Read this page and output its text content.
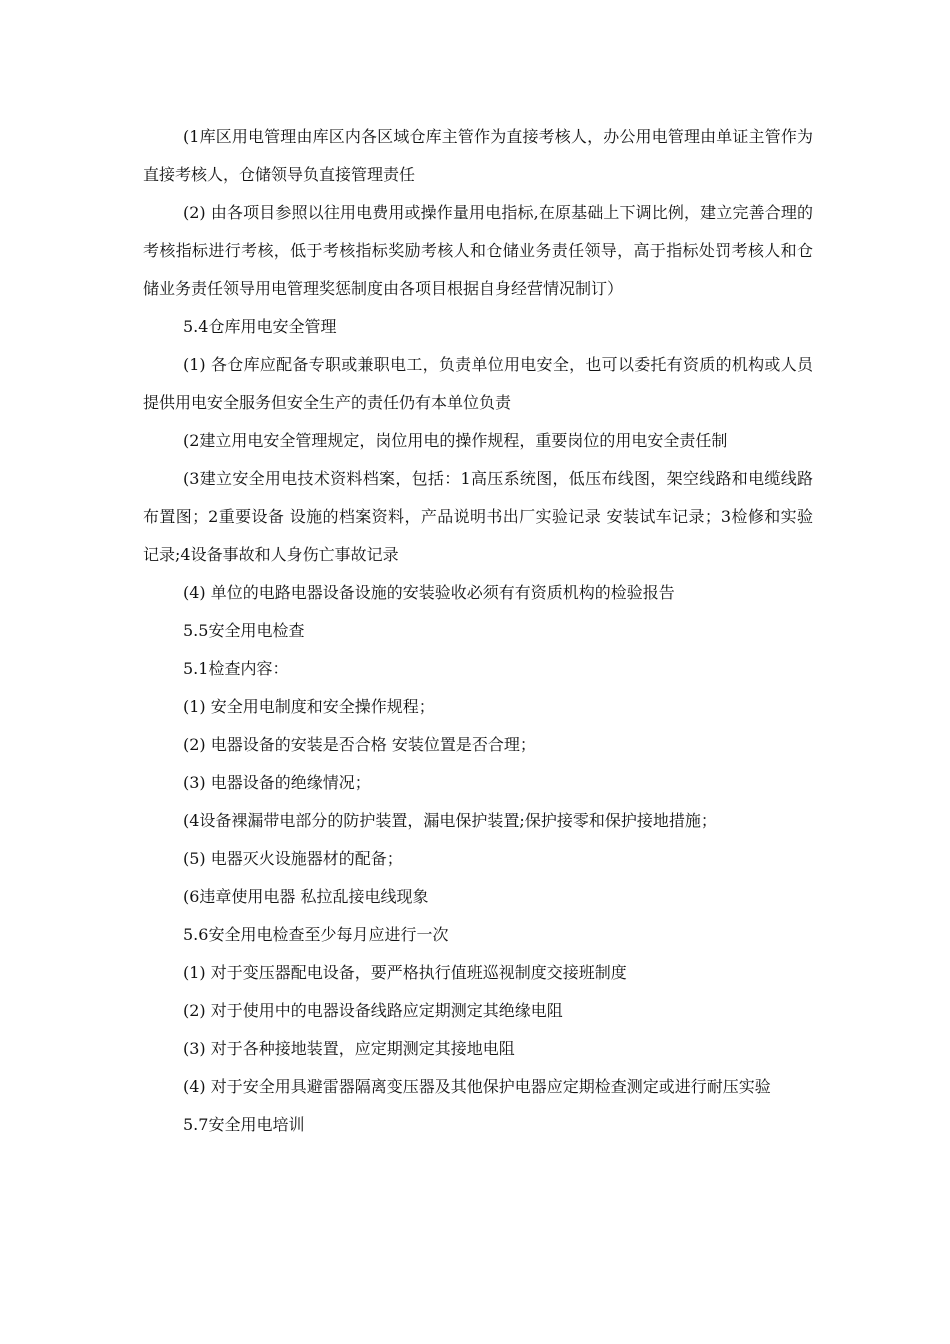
(1库区用电管理由库区内各区域仓库主管作为直接考核人，办公用电管理由单证主管作为直接考核人，仓储领导负直接管理责任

(2) 由各项目参照以往用电费用或操作量用电指标,在原基础上下调比例，建立完善合理的考核指标进行考核，低于考核指标奖励考核人和仓储业务责任领导，高于指标处罚考核人和仓储业务责任领导用电管理奖惩制度由各项目根据自身经营情况制订）

5.4仓库用电安全管理

(1) 各仓库应配备专职或兼职电工，负责单位用电安全，也可以委托有资质的机构或人员提供用电安全服务但安全生产的责任仍有本单位负责

(2建立用电安全管理规定，岗位用电的操作规程，重要岗位的用电安全责任制

(3建立安全用电技术资料档案，包括：1高压系统图，低压布线图，架空线路和电缆线路布置图；2重要设备 设施的档案资料，产品说明书出厂实验记录 安装试车记录；3检修和实验记录;4设备事故和人身伤亡事故记录

(4) 单位的电路电器设备设施的安装验收必须有有资质机构的检验报告

5.5安全用电检查

5.1检查内容：

(1) 安全用电制度和安全操作规程；

(2) 电器设备的安装是否合格 安装位置是否合理；

(3) 电器设备的绝缘情况；

(4设备裸漏带电部分的防护装置，漏电保护装置;保护接零和保护接地措施；

(5) 电器灭火设施器材的配备；

(6违章使用电器 私拉乱接电线现象

5.6安全用电检查至少每月应进行一次

(1) 对于变压器配电设备，要严格执行值班巡视制度交接班制度

(2) 对于使用中的电器设备线路应定期测定其绝缘电阻

(3) 对于各种接地装置，应定期测定其接地电阻

(4) 对于安全用具避雷器隔离变压器及其他保护电器应定期检查测定或进行耐压实验

5.7安全用电培训
